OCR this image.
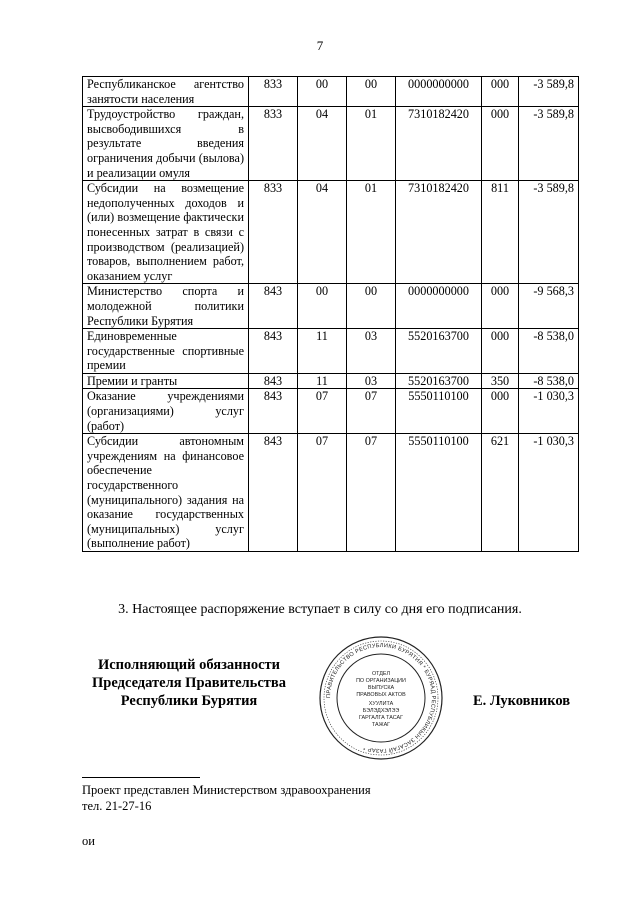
7
Республиканское агентство занятости населения	833	00	00	0000000000	000	-3 589,8
Трудоустройство граждан, высвободившихся в результате введения ограничения добычи (вылова) и реализации омуля	833	04	01	7310182420	000	-3 589,8
Субсидии на возмещение недополученных доходов и (или) возмещение фактически понесенных затрат в связи с производством (реализацией) товаров, выполнением работ, оказанием услуг	833	04	01	7310182420	811	-3 589,8
Министерство спорта и молодежной политики Республики Бурятия	843	00	00	0000000000	000	-9 568,3
Единовременные государственные спортивные премии	843	11	03	5520163700	000	-8 538,0
Премии и гранты	843	11	03	5520163700	350	-8 538,0
Оказание учреждениями (организациями) услуг (работ)	843	07	07	5550110100	000	-1 030,3
Субсидии автономным учреждениям на финансовое обеспечение государственного (муниципального) задания на оказание государственных (муниципальных) услуг (выполнение работ)	843	07	07	5550110100	621	-1 030,3
3. Настоящее распоряжение вступает в силу со дня его подписания.
Исполняющий обязанности
Председателя Правительства
Республики Бурятия	ПРАВИТЕЛЬСТВО РЕСПУБЛИКИ БУРЯТИЯ * БУРЯАД РЕСПУБЛИКЫН ЗАСАГАЙ ГАЗАР *
ОТДЕЛ
ПО ОРГАНИЗАЦИИ
ВЫПУСКА
ПРАВОВЫХ АКТОВ
ХУУЛИТА
БЭЛЭДХЭЛЭЭ
ГАРГАЛГА ТАСАГ
ТАЖАГ
Е. Луковников
Проект представлен Министерством здравоохранения
тел. 21-27-16
ои
